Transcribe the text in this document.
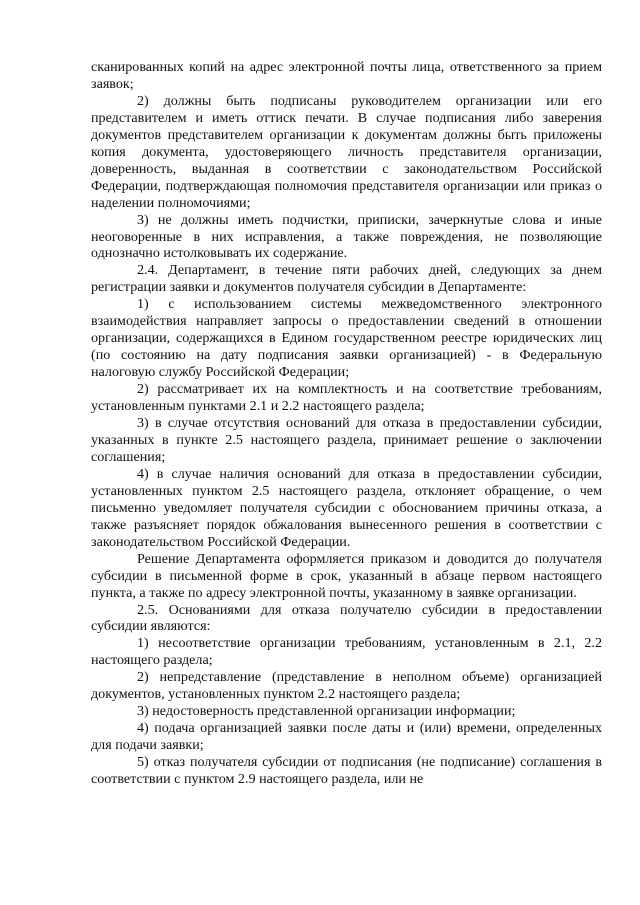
сканированных копий на адрес электронной почты лица, ответственного за прием заявок;

2) должны быть подписаны руководителем организации или его представителем и иметь оттиск печати. В случае подписания либо заверения документов представителем организации к документам должны быть приложены копия документа, удостоверяющего личность представителя организации, доверенность, выданная в соответствии с законодательством Российской Федерации, подтверждающая полномочия представителя организации или приказ о наделении полномочиями;

3) не должны иметь подчистки, приписки, зачеркнутые слова и иные неоговоренные в них исправления, а также повреждения, не позволяющие однозначно истолковывать их содержание.

2.4. Департамент, в течение пяти рабочих дней, следующих за днем регистрации заявки и документов получателя субсидии в Департаменте:

1) с использованием системы межведомственного электронного взаимодействия направляет запросы о предоставлении сведений в отношении организации, содержащихся в Едином государственном реестре юридических лиц (по состоянию на дату подписания заявки организацией) - в Федеральную налоговую службу Российской Федерации;

2) рассматривает их на комплектность и на соответствие требованиям, установленным пунктами 2.1 и 2.2 настоящего раздела;

3) в случае отсутствия оснований для отказа в предоставлении субсидии, указанных в пункте 2.5 настоящего раздела, принимает решение о заключении соглашения;

4) в случае наличия оснований для отказа в предоставлении субсидии, установленных пунктом 2.5 настоящего раздела, отклоняет обращение, о чем письменно уведомляет получателя субсидии с обоснованием причины отказа, а также разъясняет порядок обжалования вынесенного решения в соответствии с законодательством Российской Федерации.

Решение Департамента оформляется приказом и доводится до получателя субсидии в письменной форме в срок, указанный в абзаце первом настоящего пункта, а также по адресу электронной почты, указанному в заявке организации.

2.5. Основаниями для отказа получателю субсидии в предоставлении субсидии являются:

1) несоответствие организации требованиям, установленным в 2.1, 2.2 настоящего раздела;

2) непредставление (представление в неполном объеме) организацией документов, установленных пунктом 2.2 настоящего раздела;

3) недостоверность представленной организации информации;

4) подача организацией заявки после даты и (или) времени, определенных для подачи заявки;

5) отказ получателя субсидии от подписания (не подписание) соглашения в соответствии с пунктом 2.9 настоящего раздела, или не
